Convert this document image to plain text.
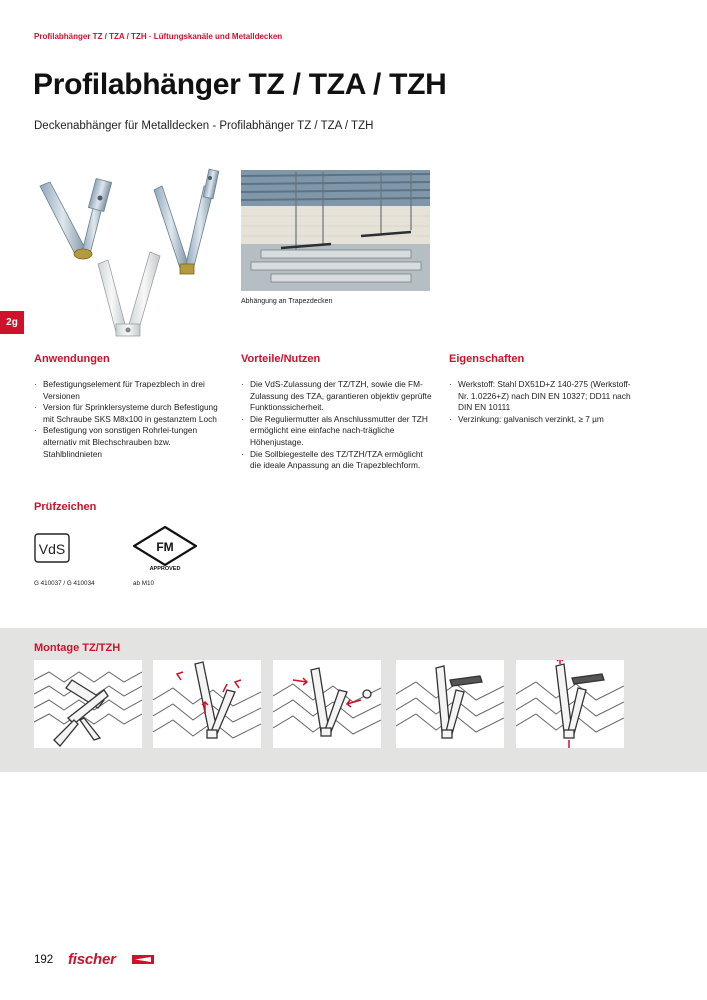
Profilabhänger TZ / TZA / TZH · Lüftungskanäle und Metalldecken
Profilabhänger TZ / TZA / TZH
Deckenabhänger für Metalldecken - Profilabhänger TZ / TZA / TZH
Abhängung an Trapezdecken
2g
Anwendungen
· Befestigungselement für Trapezblech in drei Versionen
· Version für Sprinklersysteme durch Befestigung mit Schraube SKS M8x100 in gestanztem Loch
· Befestigung von sonstigen Rohrlei-tungen alternativ mit Blechschrauben bzw. Stahlblindnieten
Vorteile/Nutzen
· Die VdS-Zulassung der TZ/TZH, sowie die FM-Zulassung des TZA, garantieren objektiv geprüfte Funktionssicherheit.
· Die Reguliermutter als Anschlussmutter der TZH ermöglicht eine einfache nach-trägliche Höhenjustage.
· Die Sollbiegestelle des TZ/TZH/TZA ermöglicht die ideale Anpassung an die Trapezblechform.
Eigenschaften
· Werkstoff: Stahl DX51D+Z 140-275 (Werkstoff-Nr. 1.0226+Z) nach DIN EN 10327; DD11 nach DIN EN 10111
· Verzinkung: galvanisch verzinkt, ≥ 7 µm
Prüfzeichen
VdS	FM
APPROVED
G 410037 / G 410034	ab M10
Montage TZ/TZH
192 fischer
